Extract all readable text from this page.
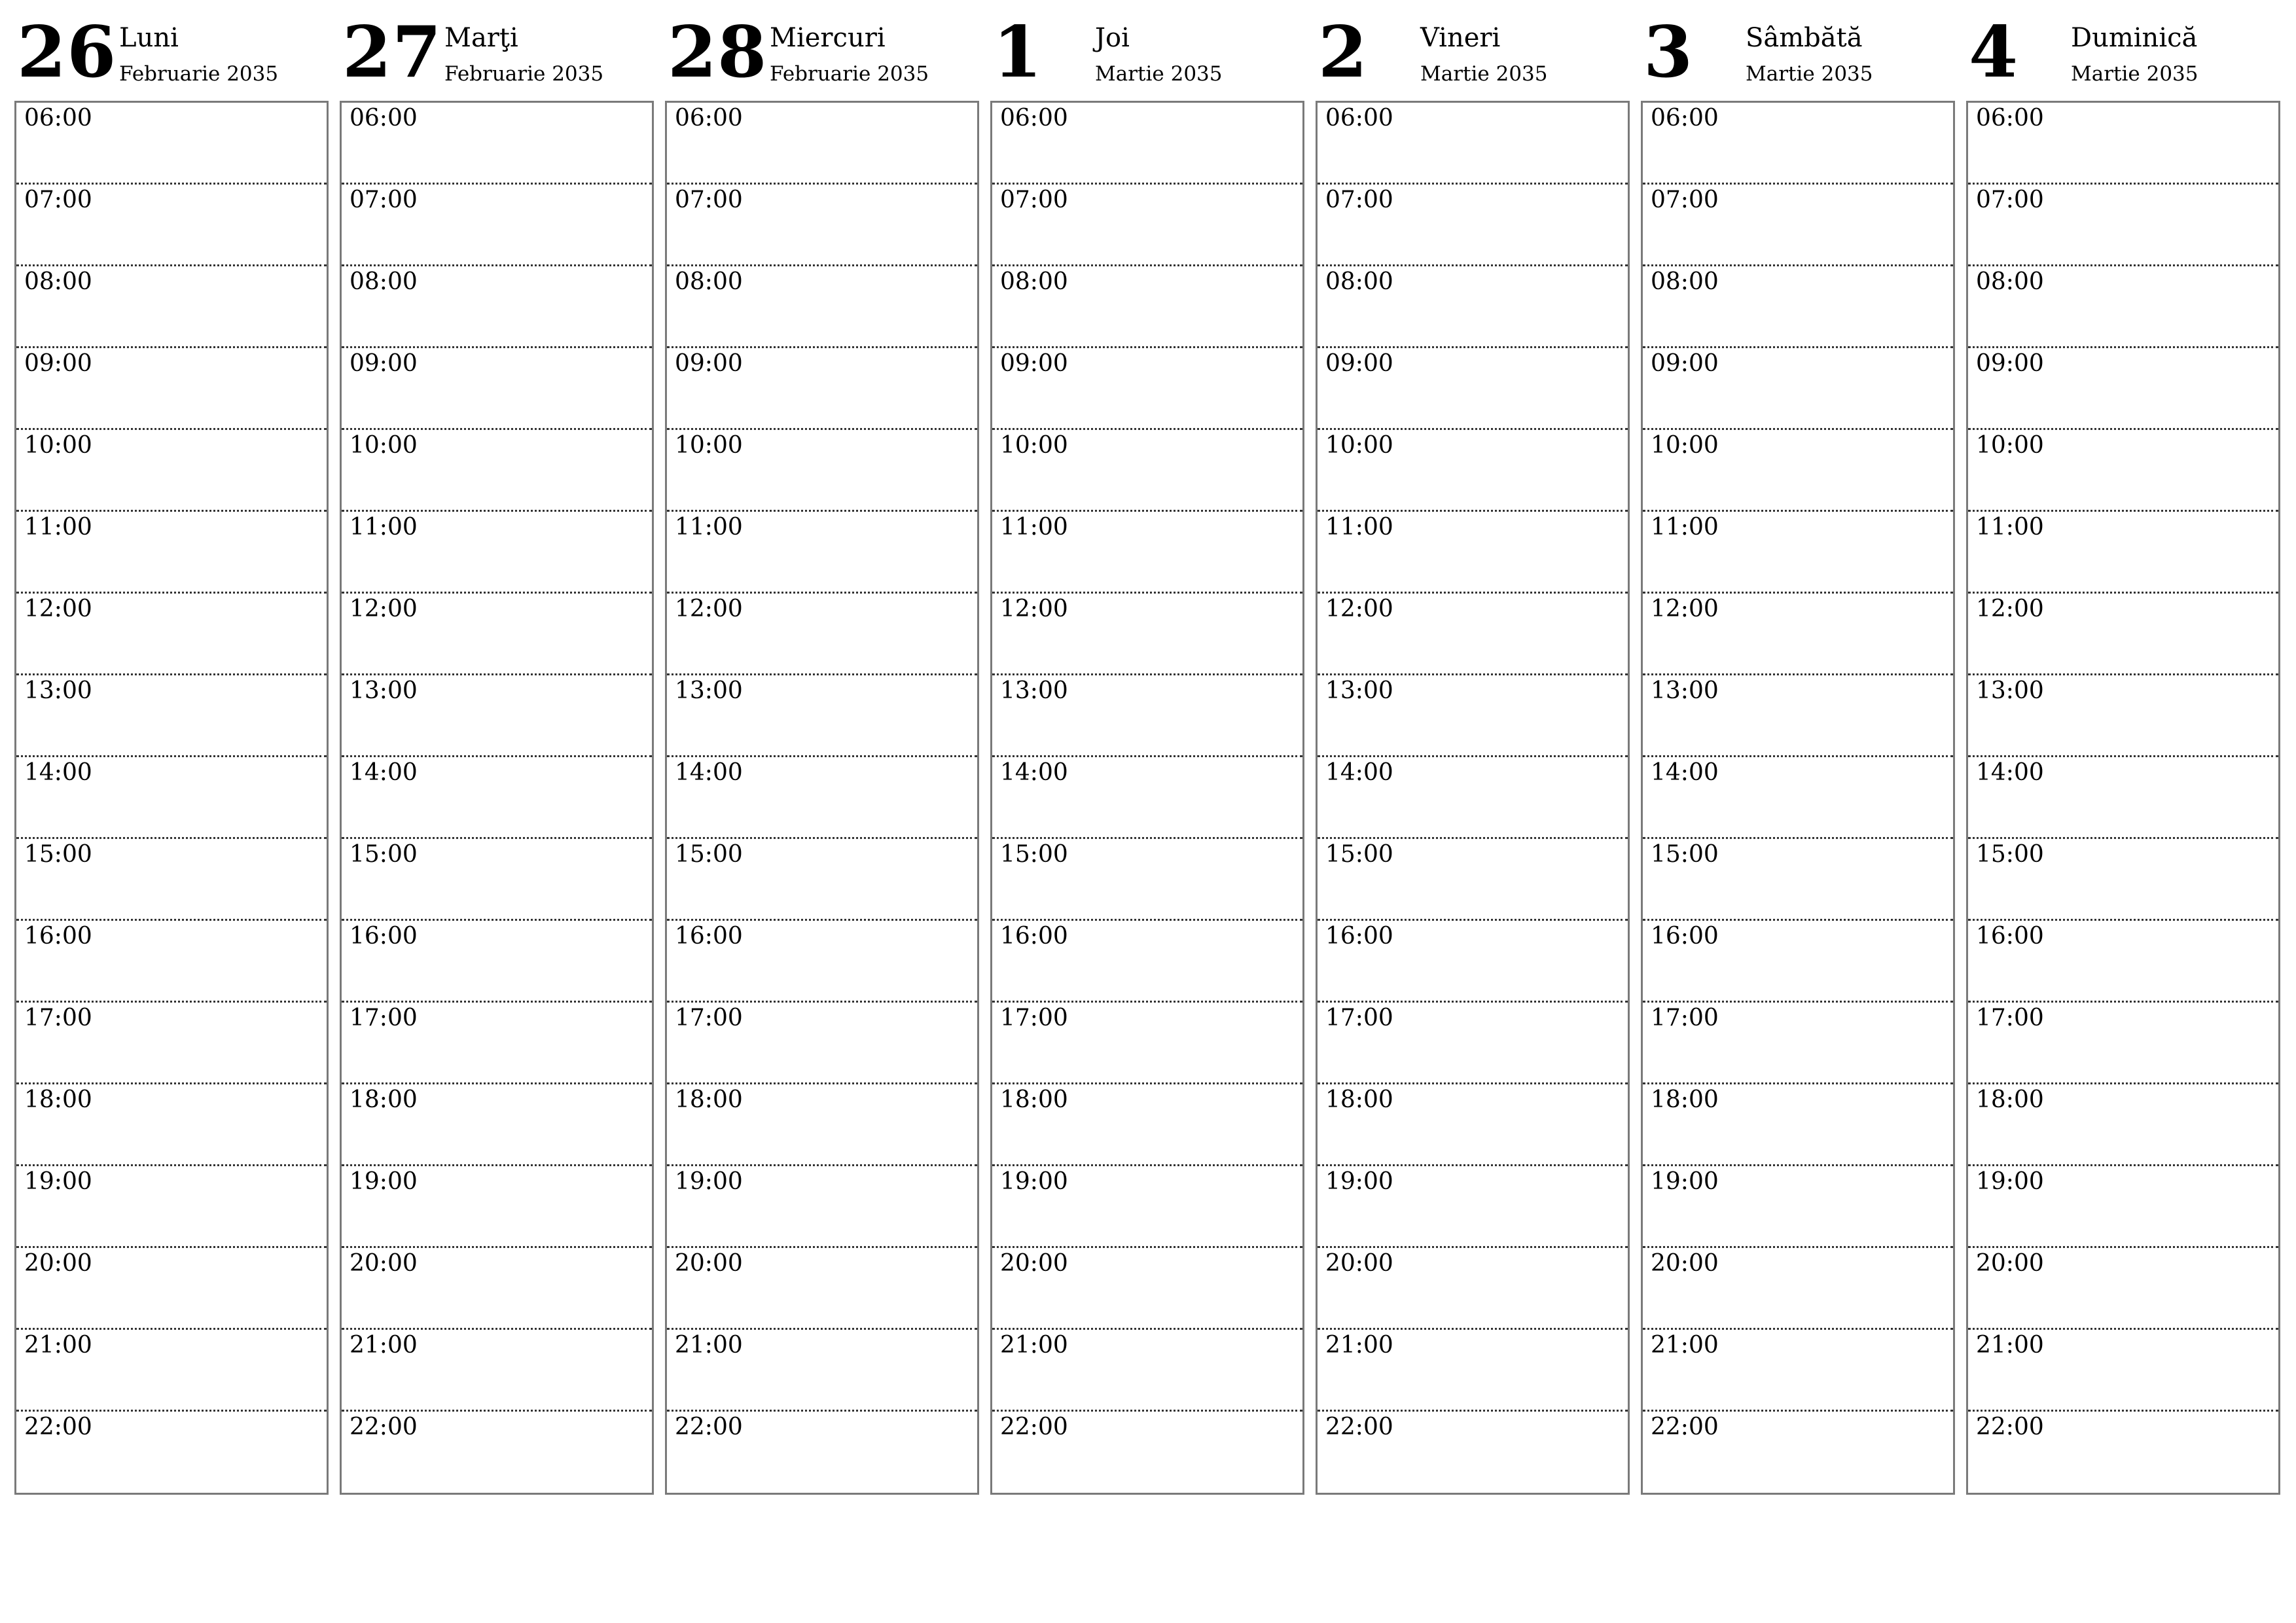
26 Luni
Februarie 2035
06:00
07:00
08:00
09:00
10:00
11:00
12:00
13:00
14:00
15:00
16:00
17:00
18:00
19:00
20:00
21:00
22:00
27 Marţi
Februarie 2035
06:00
07:00
08:00
09:00
10:00
11:00
12:00
13:00
14:00
15:00
16:00
17:00
18:00
19:00
20:00
21:00
22:00
28 Miercuri
Februarie 2035
06:00
07:00
08:00
09:00
10:00
11:00
12:00
13:00
14:00
15:00
16:00
17:00
18:00
19:00
20:00
21:00
22:00
1 Joi
Martie 2035
06:00
07:00
08:00
09:00
10:00
11:00
12:00
13:00
14:00
15:00
16:00
17:00
18:00
19:00
20:00
21:00
22:00
2 Vineri
Martie 2035
06:00
07:00
08:00
09:00
10:00
11:00
12:00
13:00
14:00
15:00
16:00
17:00
18:00
19:00
20:00
21:00
22:00
3 Sâmbătă
Martie 2035
06:00
07:00
08:00
09:00
10:00
11:00
12:00
13:00
14:00
15:00
16:00
17:00
18:00
19:00
20:00
21:00
22:00
4 Duminică
Martie 2035
06:00
07:00
08:00
09:00
10:00
11:00
12:00
13:00
14:00
15:00
16:00
17:00
18:00
19:00
20:00
21:00
22:00
